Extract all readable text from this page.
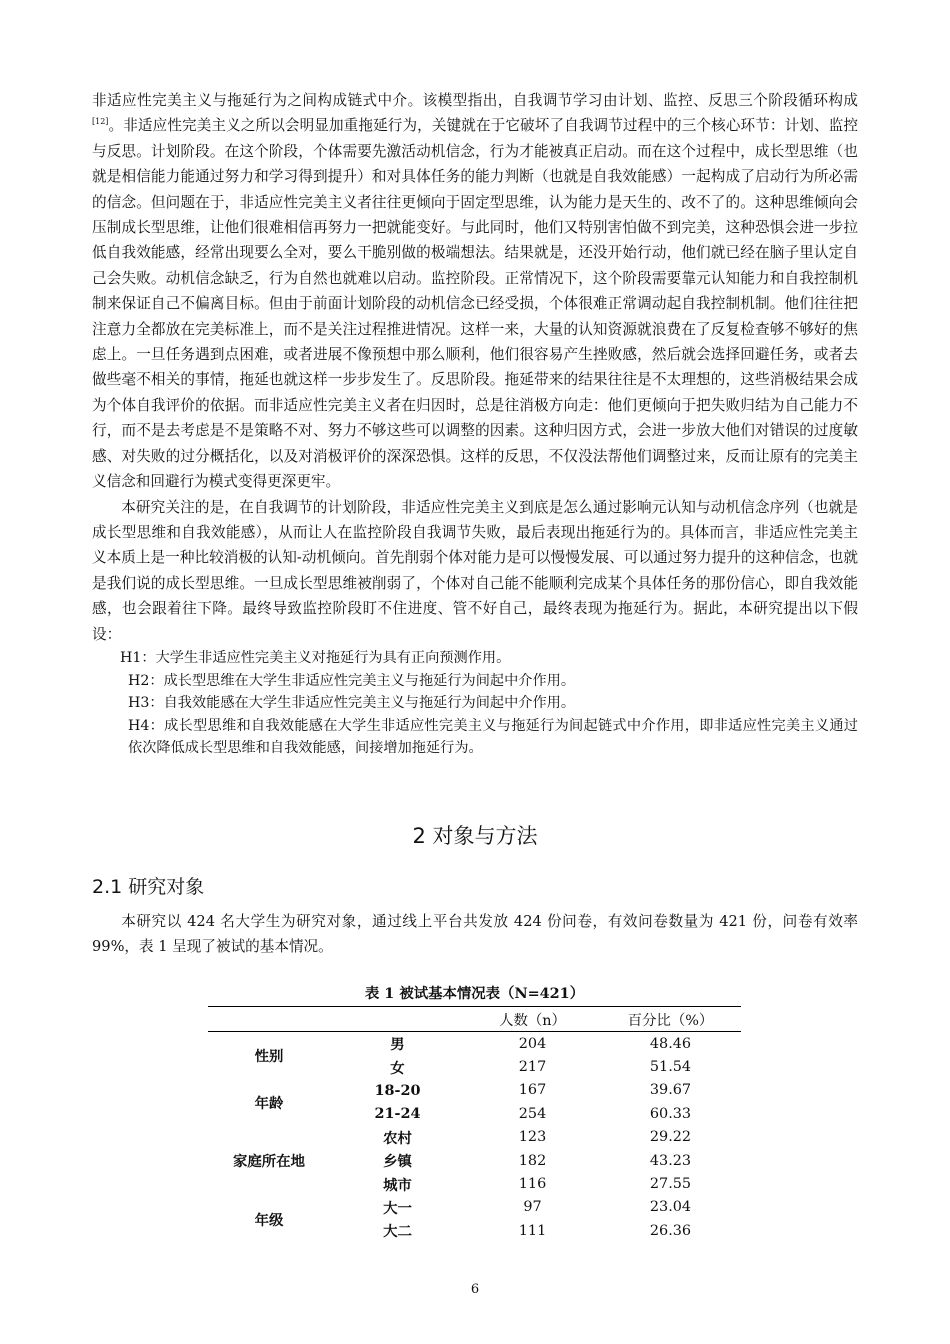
非适应性完美主义与拖延行为之间构成链式中介。该模型指出，自我调节学习由计划、监控、反思三个阶段循环构成[12]。非适应性完美主义之所以会明显加重拖延行为，关键就在于它破坏了自我调节过程中的三个核心环节：计划、监控与反思。计划阶段。在这个阶段，个体需要先激活动机信念，行为才能被真正启动。而在这个过程中，成长型思维（也就是相信能力能通过努力和学习得到提升）和对具体任务的能力判断（也就是自我效能感）一起构成了启动行为所必需的信念。但问题在于，非适应性完美主义者往往更倾向于固定型思维，认为能力是天生的、改不了的。这种思维倾向会压制成长型思维，让他们很难相信再努力一把就能变好。与此同时，他们又特别害怕做不到完美，这种恐惧会进一步拉低自我效能感，经常出现要么全对，要么干脆别做的极端想法。结果就是，还没开始行动，他们就已经在脑子里认定自己会失败。动机信念缺乏，行为自然也就难以启动。监控阶段。正常情况下，这个阶段需要靠元认知能力和自我控制机制来保证自己不偏离目标。但由于前面计划阶段的动机信念已经受损，个体很难正常调动起自我控制机制。他们往往把注意力全都放在完美标准上，而不是关注过程推进情况。这样一来，大量的认知资源就浪费在了反复检查够不够好的焦虑上。一旦任务遇到点困难，或者进展不像预想中那么顺利，他们很容易产生挫败感，然后就会选择回避任务，或者去做些毫不相关的事情，拖延也就这样一步步发生了。反思阶段。拖延带来的结果往往是不太理想的，这些消极结果会成为个体自我评价的依据。而非适应性完美主义者在归因时，总是往消极方向走：他们更倾向于把失败归结为自己能力不行，而不是去考虑是不是策略不对、努力不够这些可以调整的因素。这种归因方式，会进一步放大他们对错误的过度敏感、对失败的过分概括化，以及对消极评价的深深恐惧。这样的反思，不仅没法帮他们调整过来，反而让原有的完美主义信念和回避行为模式变得更深更牢。

本研究关注的是，在自我调节的计划阶段，非适应性完美主义到底是怎么通过影响元认知与动机信念序列（也就是成长型思维和自我效能感），从而让人在监控阶段自我调节失败，最后表现出拖延行为的。具体而言，非适应性完美主义本质上是一种比较消极的认知-动机倾向。首先削弱个体对能力是可以慢慢发展、可以通过努力提升的这种信念，也就是我们说的成长型思维。一旦成长型思维被削弱了，个体对自己能不能顺利完成某个具体任务的那份信心，即自我效能感，也会跟着往下降。最终导致监控阶段盯不住进度、管不好自己，最终表现为拖延行为。据此，本研究提出以下假设：

H1：大学生非适应性完美主义对拖延行为具有正向预测作用。

H2：成长型思维在大学生非适应性完美主义与拖延行为间起中介作用。

H3：自我效能感在大学生非适应性完美主义与拖延行为间起中介作用。

H4：成长型思维和自我效能感在大学生非适应性完美主义与拖延行为间起链式中介作用，即非适应性完美主义通过依次降低成长型思维和自我效能感，间接增加拖延行为。

2 对象与方法
2.1 研究对象

本研究以 424 名大学生为研究对象，通过线上平台共发放 424 份问卷，有效问卷数量为 421 份，问卷有效率 99%，表 1 呈现了被试的基本情况。

表 1 被试基本情况表（N=421）
		人数（n）	百分比（%）
性别	男	204	48.46
	女	217	51.54
年龄	18-20	167	39.67
	21-24	254	60.33
家庭所在地	农村	123	29.22
	乡镇	182	43.23
	城市	116	27.55
年级	大一	97	23.04
	大二	111	26.36
6
